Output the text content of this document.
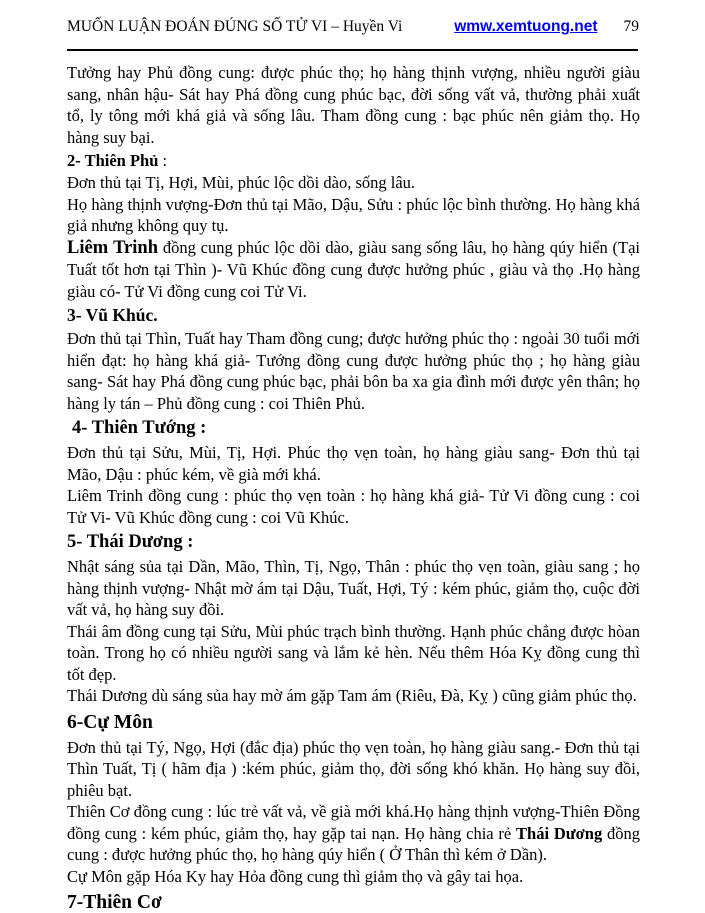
MUỐN LUẬN ĐOÁN ĐÚNG SỐ TỬ VI – Huyền Vi	wmw.xemtuong.net 79

Tưởng hay Phủ đồng cung: được phúc thọ; họ hàng thịnh vượng, nhiều người giàu sang, nhân hậu- Sát hay Phá đồng cung phúc bạc, đời sống vất vả, thường phải xuất tổ, ly tông mới khá giả và sống lâu. Tham đồng cung : bạc phúc nên giảm thọ. Họ hàng suy bại.

2- Thiên Phủ :

Đơn thủ tại Tị, Hợi, Mùi, phúc lộc dồi dào, sống lâu.

Họ hàng thịnh vượng-Đơn thủ tại Mão, Dậu, Sửu : phúc lộc bình thường. Họ hàng khá giả nhưng không quy tụ.

Liêm Trinh đồng cung phúc lộc dồi dào, giàu sang sống lâu, họ hàng qúy hiển (Tại Tuất tốt hơn tại Thìn )- Vũ Khúc đồng cung được hưởng phúc , giàu và thọ .Họ hàng giàu có- Tử Vi đồng cung coi Tử Vi.

3- Vũ Khúc.

Đơn thủ tại Thìn, Tuất hay Tham đồng cung; được hưởng phúc thọ : ngoài 30 tuổi mới hiển đạt: họ hàng khá giả- Tướng đồng cung được hưởng phúc thọ ; họ hàng giàu sang- Sát hay Phá đồng cung phúc bạc, phải bôn ba xa gia đình mới được yên thân; họ hàng ly tán – Phủ đồng cung : coi Thiên Phủ.

4- Thiên Tướng :

Đơn thủ tại Sửu, Mùi, Tị, Hợi. Phúc thọ vẹn toàn, họ hàng giàu sang- Đơn thủ tại Mão, Dậu : phúc kém, về già mới khá.

Liêm Trinh đồng cung : phúc thọ vẹn toàn : họ hàng khá giả- Tử Vi đồng cung : coi Tử Vi- Vũ Khúc đồng cung : coi Vũ Khúc.

5- Thái Dương :

Nhật sáng sủa tại Dần, Mão, Thìn, Tị, Ngọ, Thân : phúc thọ vẹn toàn, giàu sang ; họ hàng thịnh vượng- Nhật mờ ám tại Dậu, Tuất, Hợi, Tý : kém phúc, giảm thọ, cuộc đời vất vả, họ hàng suy đồi.

Thái âm đồng cung tại Sửu, Mùi phúc trạch bình thường. Hạnh phúc chẳng được hòan toàn. Trong họ có nhiều người sang và lắm kẻ hèn. Nếu thêm Hóa Kỵ đồng cung thì tốt đẹp.

Thái Dương dù sáng sủa hay mờ ám gặp Tam ám (Riêu, Đà, Kỵ ) cũng giảm phúc thọ.

6-Cự Môn

Đơn thủ tại Tý, Ngọ, Hợi (đắc địa) phúc thọ vẹn toàn, họ hàng giàu sang.- Đơn thủ tại Thìn Tuất, Tị ( hãm địa ) :kém phúc, giảm thọ, đời sống khó khăn. Họ hàng suy đồi, phiêu bạt.

Thiên Cơ đồng cung : lúc trẻ vất vả, về già mới khá.Họ hàng thịnh vượng-Thiên Đồng đồng cung : kém phúc, giảm thọ, hay gặp tai nạn. Họ hàng chia rẻ Thái Dương đồng cung : được hưởng phúc thọ, họ hàng qúy hiển ( Ở Thân thì kém ở Dần).

Cự Môn gặp Hóa Ky hay Hỏa đồng cung thì giảm thọ và gây tai họa.

7-Thiên Cơ
